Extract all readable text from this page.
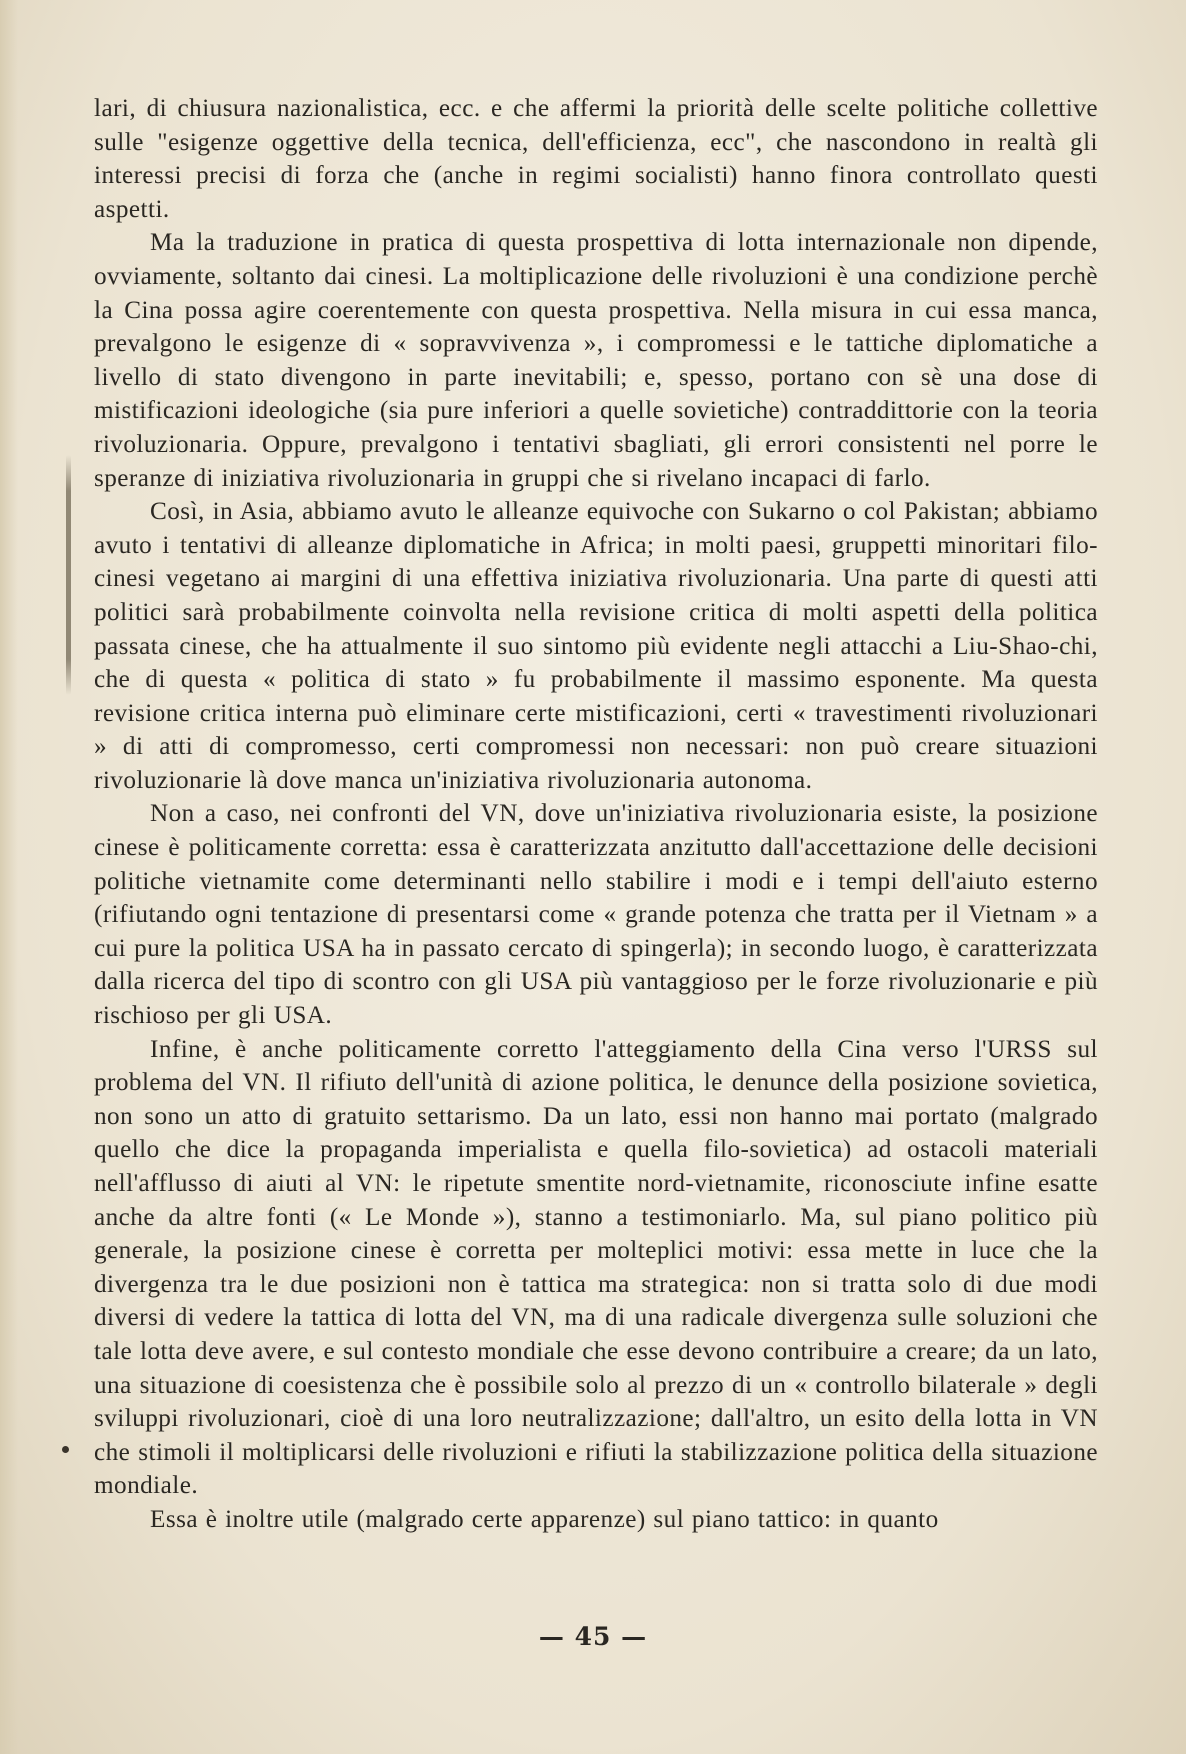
lari, di chiusura nazionalistica, ecc. e che affermi la priorità delle scelte politiche collettive sulle "esigenze oggettive della tecnica, dell'efficienza, ecc", che nascondono in realtà gli interessi precisi di forza che (anche in regimi socialisti) hanno finora controllato questi aspetti.

Ma la traduzione in pratica di questa prospettiva di lotta internazionale non dipende, ovviamente, soltanto dai cinesi. La moltiplicazione delle rivoluzioni è una condizione perchè la Cina possa agire coerentemente con questa prospettiva. Nella misura in cui essa manca, prevalgono le esigenze di « sopravvivenza », i compromessi e le tattiche diplomatiche a livello di stato divengono in parte inevitabili; e, spesso, portano con sè una dose di mistificazioni ideologiche (sia pure inferiori a quelle sovietiche) contraddittorie con la teoria rivoluzionaria. Oppure, prevalgono i tentativi sbagliati, gli errori consistenti nel porre le speranze di iniziativa rivoluzionaria in gruppi che si rivelano incapaci di farlo.

Così, in Asia, abbiamo avuto le alleanze equivoche con Sukarno o col Pakistan; abbiamo avuto i tentativi di alleanze diplomatiche in Africa; in molti paesi, gruppetti minoritari filo-cinesi vegetano ai margini di una effettiva iniziativa rivoluzionaria. Una parte di questi atti politici sarà probabilmente coinvolta nella revisione critica di molti aspetti della politica passata cinese, che ha attualmente il suo sintomo più evidente negli attacchi a Liu-Shao-chi, che di questa « politica di stato » fu probabilmente il massimo esponente. Ma questa revisione critica interna può eliminare certe mistificazioni, certi « travestimenti rivoluzionari » di atti di compromesso, certi compromessi non necessari: non può creare situazioni rivoluzionarie là dove manca un'iniziativa rivoluzionaria autonoma.

Non a caso, nei confronti del VN, dove un'iniziativa rivoluzionaria esiste, la posizione cinese è politicamente corretta: essa è caratterizzata anzitutto dall'accettazione delle decisioni politiche vietnamite come determinanti nello stabilire i modi e i tempi dell'aiuto esterno (rifiutando ogni tentazione di presentarsi come « grande potenza che tratta per il Vietnam » a cui pure la politica USA ha in passato cercato di spingerla); in secondo luogo, è caratterizzata dalla ricerca del tipo di scontro con gli USA più vantaggioso per le forze rivoluzionarie e più rischioso per gli USA.

Infine, è anche politicamente corretto l'atteggiamento della Cina verso l'URSS sul problema del VN. Il rifiuto dell'unità di azione politica, le denunce della posizione sovietica, non sono un atto di gratuito settarismo. Da un lato, essi non hanno mai portato (malgrado quello che dice la propaganda imperialista e quella filo-sovietica) ad ostacoli materiali nell'afflusso di aiuti al VN: le ripetute smentite nord-vietnamite, riconosciute infine esatte anche da altre fonti (« Le Monde »), stanno a testimoniarlo. Ma, sul piano politico più generale, la posizione cinese è corretta per molteplici motivi: essa mette in luce che la divergenza tra le due posizioni non è tattica ma strategica: non si tratta solo di due modi diversi di vedere la tattica di lotta del VN, ma di una radicale divergenza sulle soluzioni che tale lotta deve avere, e sul contesto mondiale che esse devono contribuire a creare; da un lato, una situazione di coesistenza che è possibile solo al prezzo di un « controllo bilaterale » degli sviluppi rivoluzionari, cioè di una loro neutralizzazione; dall'altro, un esito della lotta in VN che stimoli il moltiplicarsi delle rivoluzioni e rifiuti la stabilizzazione politica della situazione mondiale.

Essa è inoltre utile (malgrado certe apparenze) sul piano tattico: in quanto

— 45 —
